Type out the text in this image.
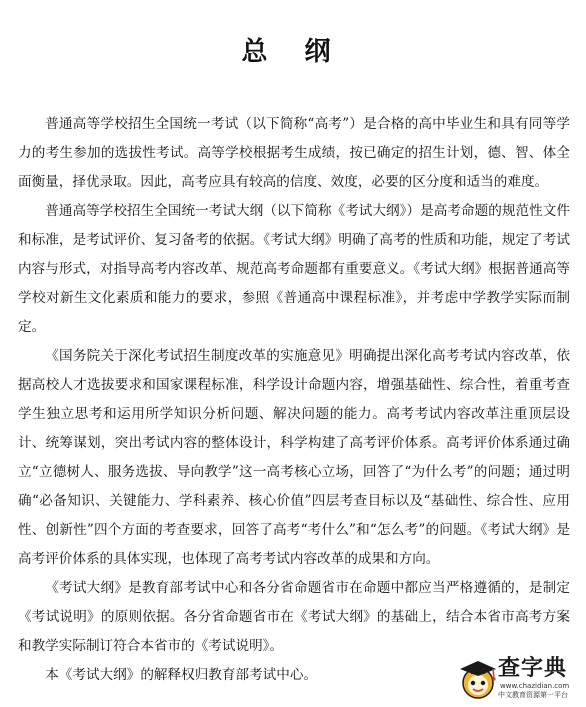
总 纲

普通高等学校招生全国统一考试（以下简称“高考”）是合格的高中毕业生和具有同等学力的考生参加的选拔性考试。高等学校根据考生成绩，按已确定的招生计划，德、智、体全面衡量，择优录取。因此，高考应具有较高的信度、效度，必要的区分度和适当的难度。

普通高等学校招生全国统一考试大纲（以下简称《考试大纲》）是高考命题的规范性文件和标准，是考试评价、复习备考的依据。《考试大纲》明确了高考的性质和功能，规定了考试内容与形式，对指导高考内容改革、规范高考命题都有重要意义。《考试大纲》根据普通高等学校对新生文化素质和能力的要求，参照《普通高中课程标准》，并考虑中学教学实际而制定。

《国务院关于深化考试招生制度改革的实施意见》明确提出深化高考考试内容改革，依据高校人才选拔要求和国家课程标准，科学设计命题内容，增强基础性、综合性，着重考查学生独立思考和运用所学知识分析问题、解决问题的能力。高考考试内容改革注重顶层设计、统筹谋划，突出考试内容的整体设计，科学构建了高考评价体系。高考评价体系通过确立“立德树人、服务选拔、导向教学”这一高考核心立场，回答了“为什么考”的问题；通过明确“必备知识、关键能力、学科素养、核心价值”四层考查目标以及“基础性、综合性、应用性、创新性”四个方面的考查要求，回答了高考“考什么”和“怎么考”的问题。《考试大纲》是高考评价体系的具体实现，也体现了高考考试内容改革的成果和方向。

《考试大纲》是教育部考试中心和各分省命题省市在命题中都应当严格遵循的，是制定《考试说明》的原则依据。各分省命题省市在《考试大纲》的基础上，结合本省市高考方案和教学实际制订符合本省市的《考试说明》。

本《考试大纲》的解释权归教育部考试中心。	查字典
www.chazidian.com
中文教育资源第一平台
